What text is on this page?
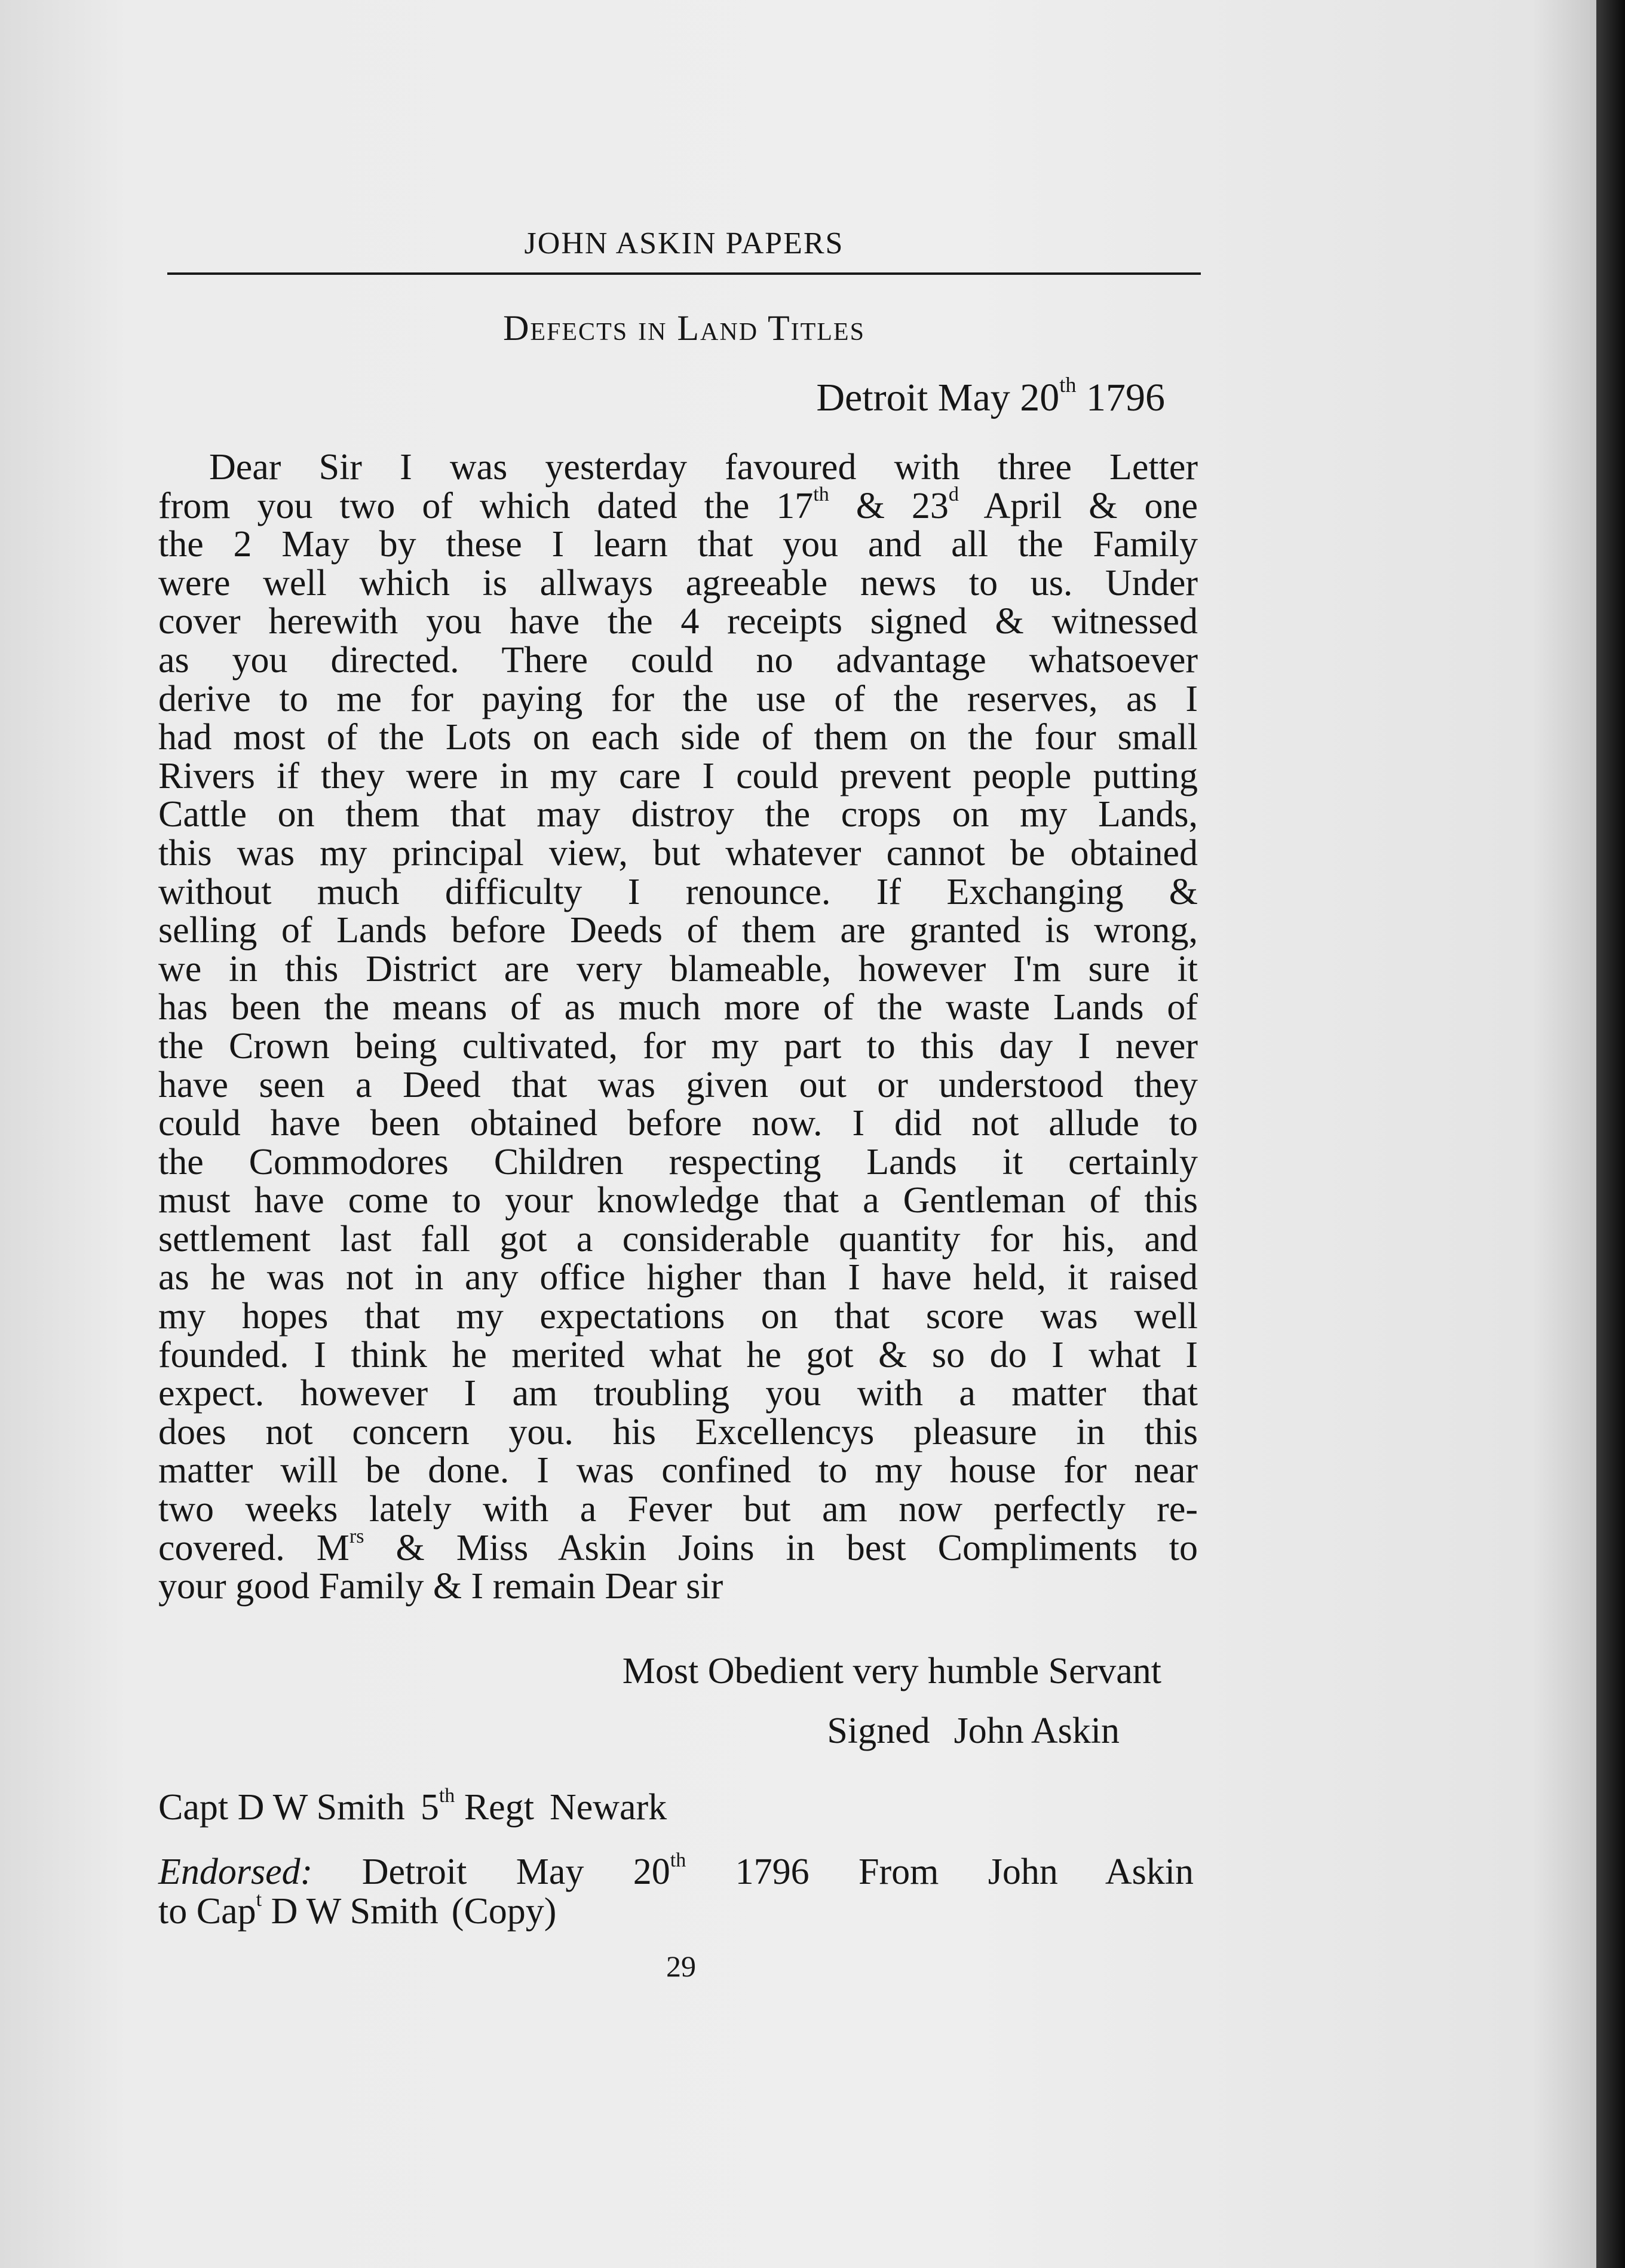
JOHN ASKIN PAPERS
Defects in Land Titles
Detroit May 20th 1796
Dear Sir I was yesterday favoured with three Letter
from you two of which dated the 17th & 23$^d$ April & one
the 2 May by these I learn that you and all the Family
were well which is allways agreeable news to us. Under
cover herewith you have the 4 receipts signed & witnessed
as you directed. There could no advantage whatsoever
derive to me for paying for the use of the reserves, as I
had most of the Lots on each side of them on the four small
Rivers if they were in my care I could prevent people putting
Cattle on them that may distroy the crops on my Lands,
this was my principal view, but whatever cannot be obtained
without much difficulty I renounce. If Exchanging &
selling of Lands before Deeds of them are granted is wrong,
we in this District are very blameable, however I'm sure it
has been the means of as much more of the waste Lands of
the Crown being cultivated, for my part to this day I never
have seen a Deed that was given out or understood they
could have been obtained before now. I did not allude to
the Commodores Children respecting Lands it certainly
must have come to your knowledge that a Gentleman of this
settlement last fall got a considerable quantity for his, and
as he was not in any office higher than I have held, it raised
my hopes that my expectations on that score was well
founded. I think he merited what he got & so do I what I
expect. however I am troubling you with a matter that
does not concern you. his Excellencys pleasure in this
matter will be done. I was confined to my house for near
two weeks lately with a Fever but am now perfectly re-
covered. $M^{rs}$ & Miss Askin Joins in best Compliments to
your good Family & I remain Dear sir
Most Obedient very humble Servant
Signed John Askin
Capt D W Smith 5th Regt Newark
Endorsed: Detroit May 20th 1796 From John Askin
to Cap$^t$ D W Smith (Copy)
29
